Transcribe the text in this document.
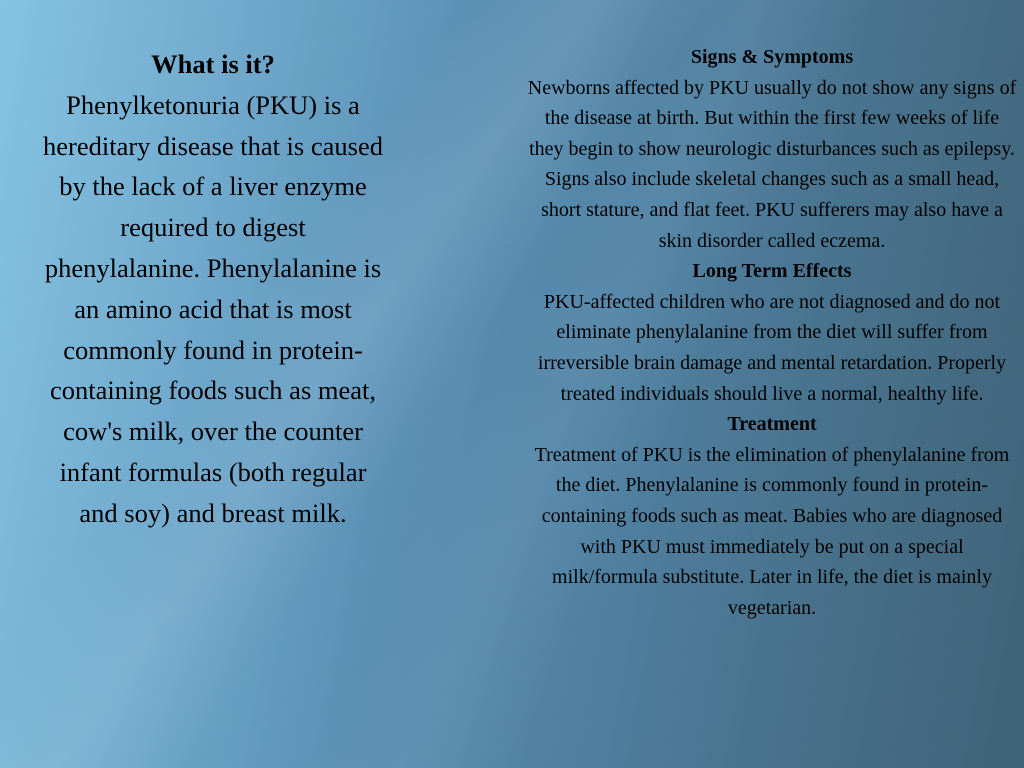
What is it?
Phenylketonuria (PKU) is a hereditary disease that is caused by the lack of a liver enzyme required to digest phenylalanine. Phenylalanine is an amino acid that is most commonly found in protein-containing foods such as meat, cow's milk, over the counter infant formulas (both regular and soy) and breast milk.
Signs & Symptoms
Newborns affected by PKU usually do not show any signs of the disease at birth. But within the first few weeks of life they begin to show neurologic disturbances such as epilepsy. Signs also include skeletal changes such as a small head, short stature, and flat feet. PKU sufferers may also have a skin disorder called eczema.
Long Term Effects
PKU-affected children who are not diagnosed and do not eliminate phenylalanine from the diet will suffer from irreversible brain damage and mental retardation. Properly treated individuals should live a normal, healthy life.
Treatment
Treatment of PKU is the elimination of phenylalanine from the diet. Phenylalanine is commonly found in protein-containing foods such as meat. Babies who are diagnosed with PKU must immediately be put on a special milk/formula substitute. Later in life, the diet is mainly vegetarian.
